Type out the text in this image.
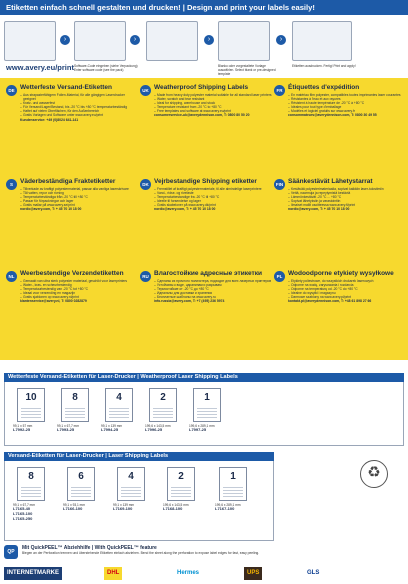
Etiketten einfach schnell gestalten und drucken! | Design and print your labels easily!
›
Software-Code eingeben (siehe Verpackung) Enter software code (see the pack)
›	›
Blanko oder vorgestaltete Vorlage auswählen. Select blank or pre-designed template
›
Etiketten ausdrucken. Fertig! Print and apply!
www.avery.eu/print
DE Wetterfeste Versand-Etiketten
– Aus strapazierfähigem Folien-Material, für alle gängigen Laserdrucker geeignet
– Kratz- und wasserfest
– Für Versand/Lager/Bestand, bis -20 °C bis +80 °C temperaturbeständig
– Haftet auf vielen Oberflächen, für den Außenbereich
– Gratis Vorlagen und Software unter www.avery.eu/print
Kundenservice: +49 (0)8024 641-141
UK Weatherproof Shipping Labels
– Made from heavy duty polyester material suitable for all standard laser printers
– Water, scratch and tear resistant
– Ideal for shipping, warehouse and stock
– Temperature resistant from -20 °C to +80 °C
– Free templates and software at www.avery.eu/print
consumerservice-uk@averydennison.com, T: 0800 80 50 20
FR Étiquettes d'expédition
– En matériau film polyester, compatibles toutes imprimantes laser courantes
– Résistantes à l'eau et aux rayures
– Résistent à haute température de -20 °C à +80 °C
– Idéales pour tout type d'emballage
– Modèles et logiciel gratuits sur www.avery.fr
consommateurs@averydennison.com, T: 0800 30 49 55
S	Väderbeständiga Fraktetiketter
– Tillverkade av kraftigt polyestermaterial, passar alla vanliga laserskrivare
– Tål vatten, repor och rivning
– Temperaturbeständiga från -20 °C till +80 °C
– Passar för förpackningar och lager
– Gratis mallar på www.avery.se/print
nordic@avery.com, T: + 45 70 10 18 00
DK Vejrbestandige Shipping etiketter
– Fremstillet af kraftigt polyestermateriale, til alle almindelige laserprintere
– Vand-, ridse- og rivefaste
– Temperaturbestandige fra -20 °C til +80 °C
– Ideelle til forsendelse og lager
– Gratis skabeloner på www.avery.dk/print
nordic@avery.com, T: + 45 70 10 18 00
FIN Säänkestävät Lähetystarrat
– Kestävää polyesterimateriaalia, sopivat kaikkiin laser-tulostimiin
– Vettä, naarmuja ja repeytymistä kestäviä
– Lämmönkestävät -20 °C ... +80 °C
– Sopivat lähetyksiin ja varastointiin
– Ilmaiset mallit osoitteessa www.avery.fi/print
nordic@avery.com, T: + 45 70 10 18 00
NL Weerbestendige Verzendetiketten
– Gemaakt van ultra sterk polyester materiaal, geschikt voor laserprinters
– Water-, kras- en scheurbestendig
– Temperatuurbestendig van -20 °C tot +80 °C
– Ideaal voor verzending en magazijn
– Gratis sjablonen op www.avery.nl/print
klantenservice@avery.nl, T: 0800 0282879
RU Влагостойкие адресные этикетки
– Сделаны из прочного полиэстера, подходят для всех лазерных принтеров
– Устойчивы к воде, царапинам и разрывам
– Термостойкие от -20 °C до +80 °C
– Идеальны для доставки и хранения
– Бесплатные шаблоны на www.avery.ru
info.russia@avery.com, T: +7 (495) 236 5974
PL Wodoodporne etykiety wysyłkowe
– Etykiety poliestrowe, do wszystkich drukarek laserowych
– Odporne na wodę, zarysowania i rozdarcia
– Odporne na temperaturę od -20 °C do +80 °C
– Idealne do wysyłki i magazynu
– Darmowe szablony na www.avery.pl/print
kontakt.pl@averydennison.com, T: +48 61 898 27 66
Wetterfeste Versand-Etiketten für Laser-Drucker | Weatherproof Laser Shipping Labels
10
99,1 x 57 mm
L7992-25
8
99,1 x 67,7 mm
L7993-25
4
99,1 x 139 mm
L7994-25
2
199,6 x 143,5 mm
L7996-25
1
199,6 x 289,1 mm
L7997-25
Versand-Etiketten für Laser-Drucker | Laser Shipping Labels
8
99,1 x 67,7 mm
L7165-40
L7165-100
L7165-250
6
99,1 x 93,1 mm
L7166-100
4
99,1 x 139 mm
L7169-100
2
199,6 x 143,5 mm
L7168-100
1
199,6 x 289,1 mm
L7167-100
♻
QP
Mit QuickPEEL™ Abziehhilfe | With QuickPEEL™ feature
Biegen an der Perforation trennen und überstehende Etiketten einfach abziehen. Bend the sheet along the perforation to expose label edges for fast, easy peeling.
INTERNETMARKE	DHL	Hermes	UPS	GLS
